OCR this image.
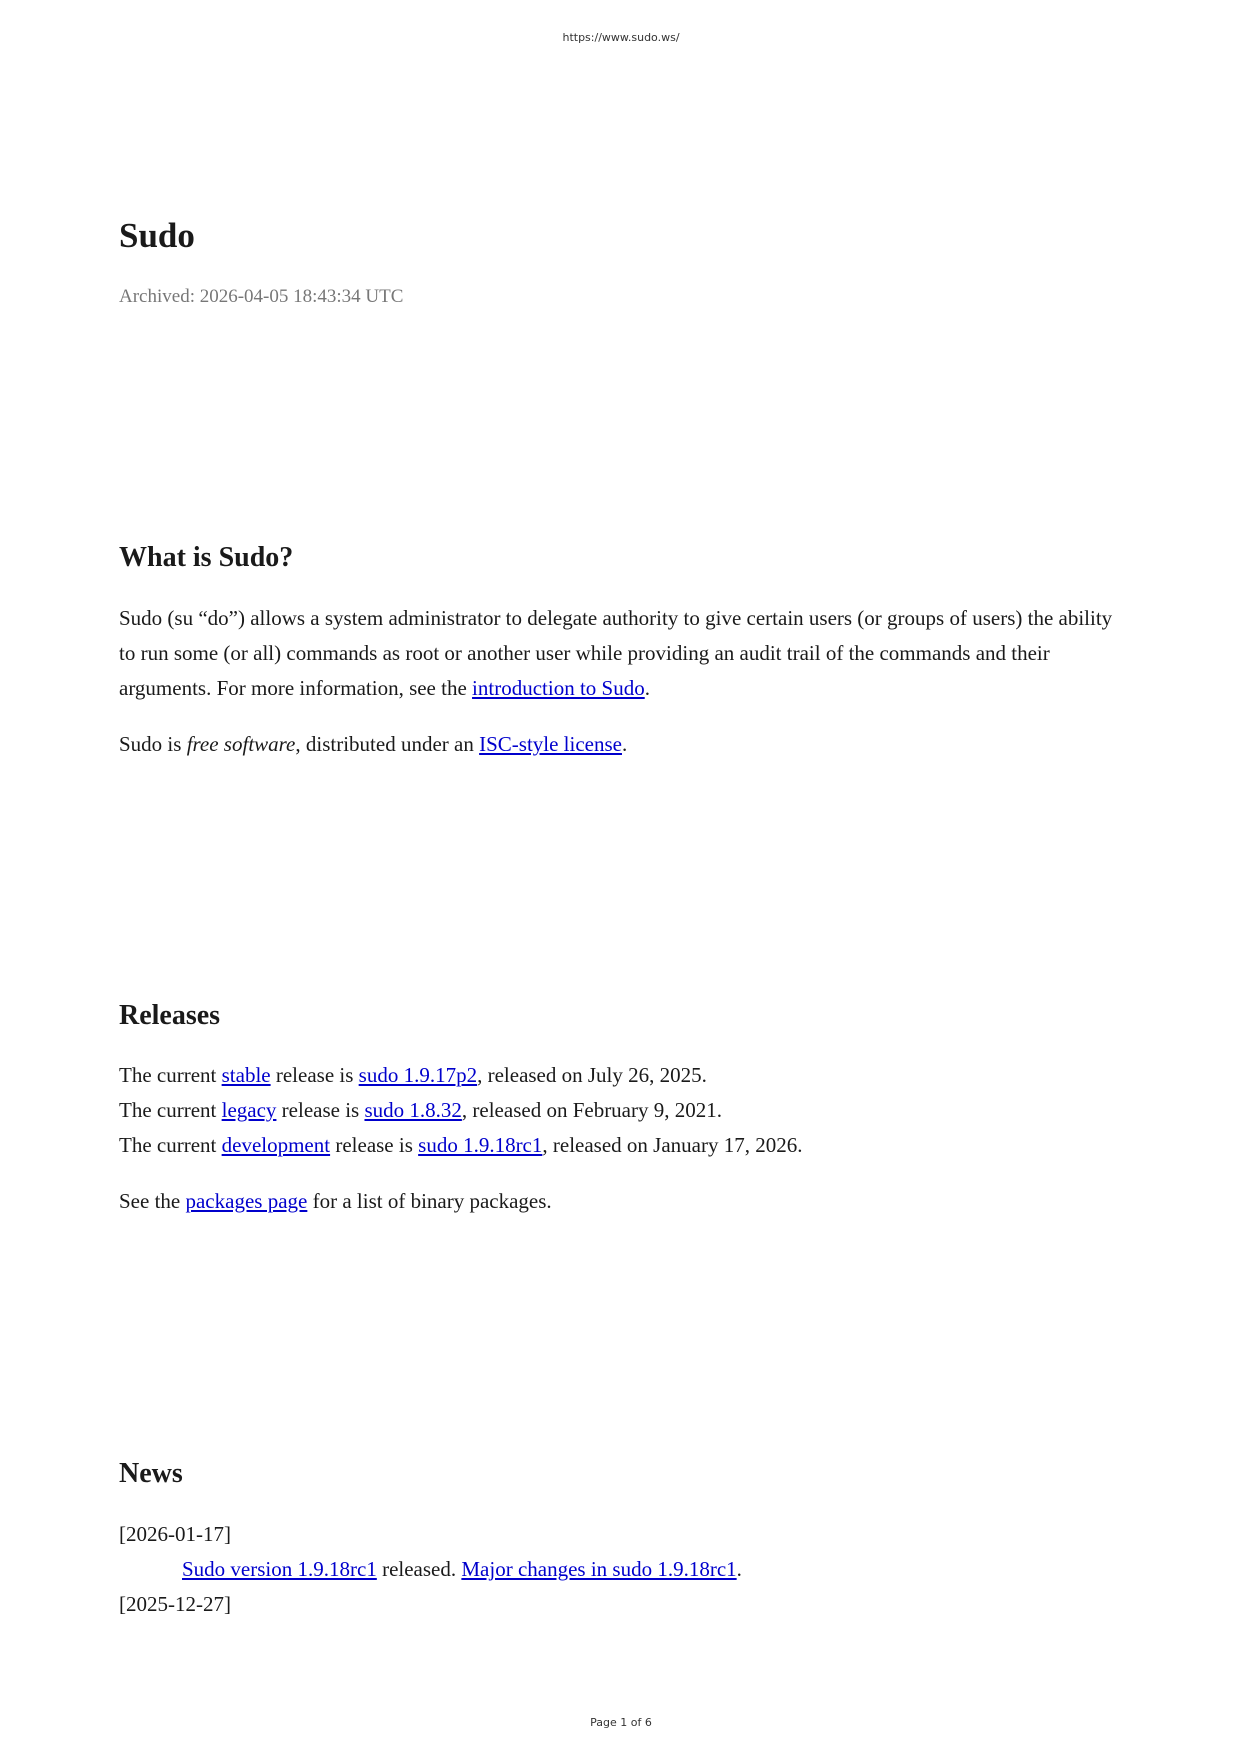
https://www.sudo.ws/
Sudo
Archived: 2026-04-05 18:43:34 UTC
What is Sudo?

Sudo (su “do”) allows a system administrator to delegate authority to give certain users (or groups of users) the ability to run some (or all) commands as root or another user while providing an audit trail of the commands and their arguments. For more information, see the introduction to Sudo.

Sudo is free software, distributed under an ISC-style license.

Releases
The current stable release is sudo 1.9.17p2, released on July 26, 2025.
The current legacy release is sudo 1.8.32, released on February 9, 2021.
The current development release is sudo 1.9.18rc1, released on January 17, 2026.

See the packages page for a list of binary packages.

News
[2026-01-17]
Sudo version 1.9.18rc1 released. Major changes in sudo 1.9.18rc1.
[2025-12-27]
Page 1 of 6
